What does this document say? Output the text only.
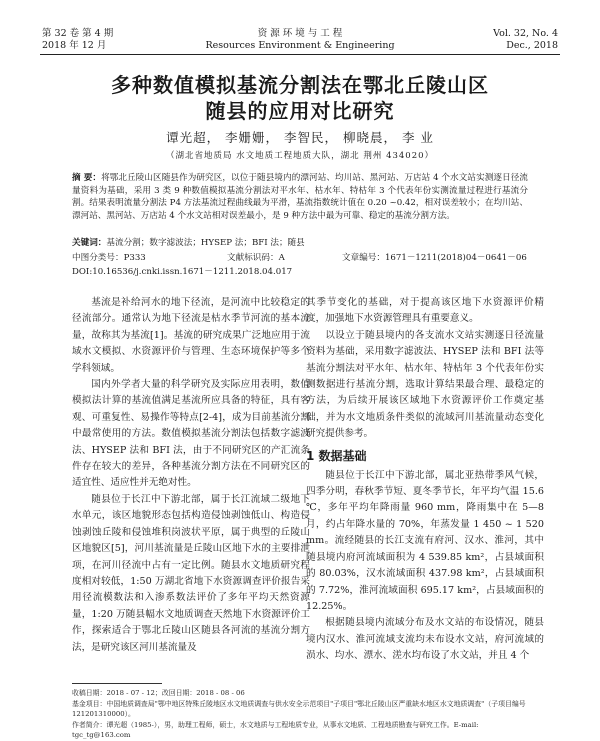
第 32 卷 第 4 期
2018 年 12 月
资 源 环 境 与 工 程
Resources Environment & Engineering
Vol. 32, No. 4
Dec., 2018
多种数值模拟基流分割法在鄂北丘陵山区
随县的应用对比研究
谭光超， 李姗姗， 李智民， 柳晓晨， 李 业
（湖北省地质局 水文地质工程地质大队，湖北 荆州 434020）
摘 要：将鄂北丘陵山区随县作为研究区，以位于随县境内的漂河站、均川站、黑河站、万店站 4 个水文站实测逐日径流量资料为基础，采用 3 类 9 种数值模拟基流分割法对平水年、枯水年、特枯年 3 个代表年份实测流量过程进行基流分割。结果表明流量分割法 P4 方法基流过程曲线最为平滑，基流指数统计值在 0.20 ~0.42，相对误差较小；在均川站、漂河站、黑河站、万店站 4 个水文站相对误差最小，是 9 种方法中最为可靠、稳定的基流分割方法。
关键词：基流分割；数字滤波法；HYSEP 法；BFI 法；随县
中图分类号：P333	文献标识码：A	文章编号：1671－1211(2018)04－0641－06
DOI:10.16536/j.cnki.issn.1671－1211.2018.04.017

基流是补给河水的地下径流，是河流中比较稳定的径流部分。通常认为地下径流是枯水季节河流的基本流量，故称其为基流[1]。基流的研究成果广泛地应用于流域水文模拟、水资源评价与管理、生态环境保护等多个学科领域。

国内外学者大量的科学研究及实际应用表明，数值模拟法计算的基流值满足基流所应具备的特征，具有客观、可重复性、易操作等特点[2-4]，成为目前基流分割中最常使用的方法。数值模拟基流分割法包括数字滤波法、HYSEP 法和 BFI 法，由于不同研究区的产汇流条件存在较大的差异，各种基流分割方法在不同研究区的适宜性、适应性并无绝对性。

随县位于长江中下游北部，属于长江流域二级地下水单元，该区地貌形态包括构造侵蚀剥蚀低山、构造侵蚀剥蚀丘陵和侵蚀堆积岗波状平原，属于典型的丘陵山区地貌区[5]，河川基流量是丘陵山区地下水的主要排泄项，在河川径流中占有一定比例。随县水文地质研究程度相对较低，1:50 万湖北省地下水资源调查评价报告采用径流模数法和入渗系数法评价了多年平均天然资源量，1:20 万随县幅水文地质调查天然地下水资源评价工作，探索适合于鄂北丘陵山区随县各河流的基流分割方法，是研究该区河川基流量及

其季节变化的基础，对于提高该区地下水资源评价精度，加强地下水资源管理具有重要意义。

以设立于随县境内的各支流水文站实测逐日径流量资料为基础，采用数字滤波法、HYSEP 法和 BFI 法等基流分割法对平水年、枯水年、特枯年 3 个代表年份实测数据进行基流分割，选取计算结果最合理、最稳定的方法，为后续开展该区域地下水资源评价工作奠定基础，并为水文地质条件类似的流域河川基流量动态变化研究提供参考。

1 数据基础

随县位于长江中下游北部，属北亚热带季风气候，四季分明，春秋季节短、夏冬季节长，年平均气温 15.6 ℃，多年平均年降雨量 960 mm，降雨集中在 5—8 月，约占年降水量的 70%，年蒸发量 1 450 ~ 1 520 mm。流经随县的长江支流有府河、汉水、淮河，其中随县境内府河流域面积为 4 539.85 km²，占县域面积的 80.03%，汉水流域面积 437.98 km²，占县域面积的 7.72%，淮河流域面积 695.17 km²，占县域面积的 12.25%。

根据随县境内流域分布及水文站的布设情况，随县境内汉水、淮河流域支流均未布设水文站，府河流域的涢水、均水、漂水、溠水均布设了水文站，并且 4 个

收稿日期：2018 - 07 - 12；改回日期：2018 - 08 - 06

基金项目：中国地质调查局"鄂中地区特殊丘陵地区水文地质调查与供水安全示范项目"子项目"鄂北丘陵山区严重缺水地区水文地质调查"（子项目编号 121201310000）。

作者简介：谭光超（1985-），男，助理工程师，硕士，水文地质与工程地质专业，从事水文地质、工程地质勘查与研究工作。E-mail: tgc_tg@163.com
